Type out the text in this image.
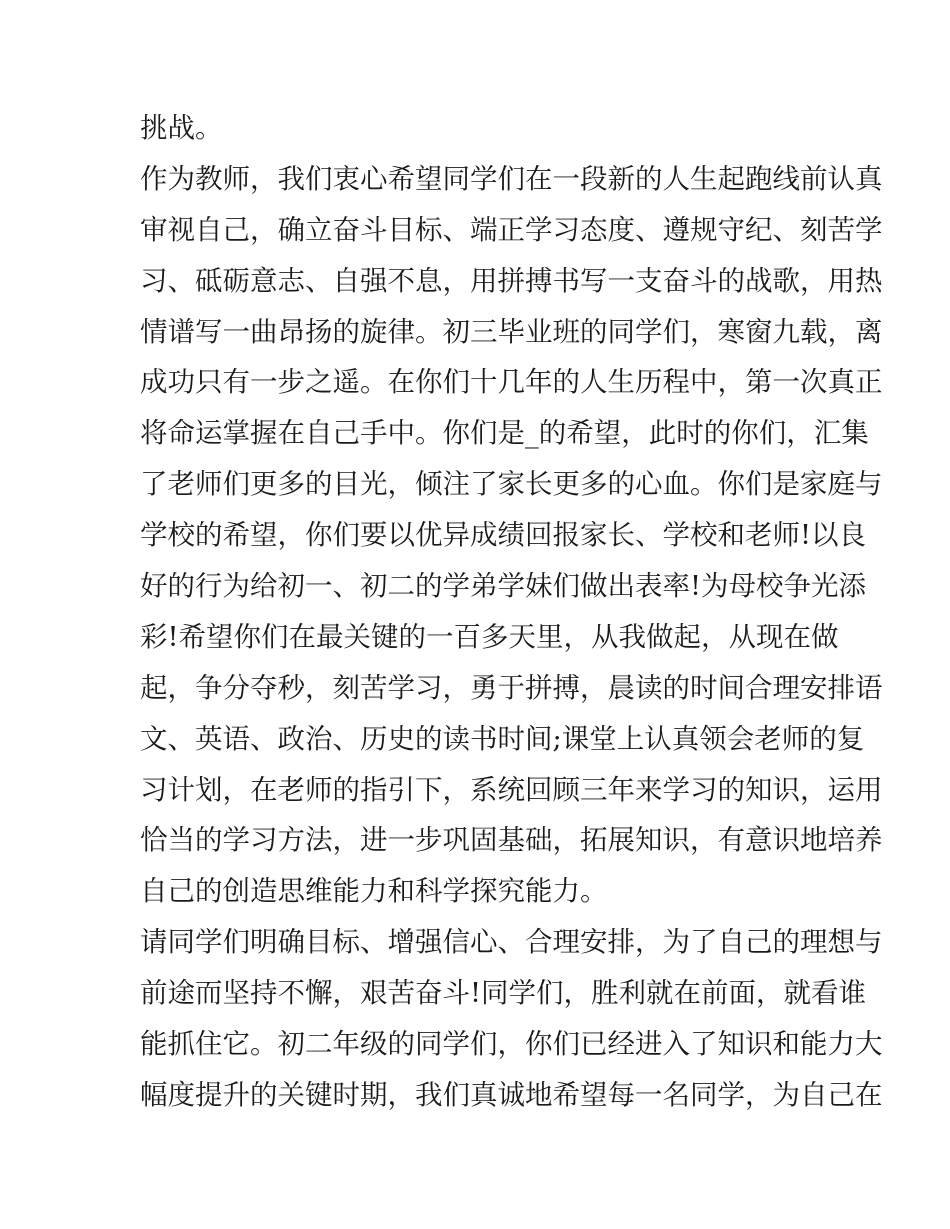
挑战。
作为教师，我们衷心希望同学们在一段新的人生起跑线前认真
审视自己，确立奋斗目标、端正学习态度、遵规守纪、刻苦学
习、砥砺意志、自强不息，用拼搏书写一支奋斗的战歌，用热
情谱写一曲昂扬的旋律。初三毕业班的同学们，寒窗九载，离
成功只有一步之遥。在你们十几年的人生历程中，第一次真正
将命运掌握在自己手中。你们是_的希望，此时的你们，汇集
了老师们更多的目光，倾注了家长更多的心血。你们是家庭与
学校的希望，你们要以优异成绩回报家长、学校和老师!以良
好的行为给初一、初二的学弟学妹们做出表率!为母校争光添
彩!希望你们在最关键的一百多天里，从我做起，从现在做
起，争分夺秒，刻苦学习，勇于拼搏，晨读的时间合理安排语
文、英语、政治、历史的读书时间;课堂上认真领会老师的复
习计划，在老师的指引下，系统回顾三年来学习的知识，运用
恰当的学习方法，进一步巩固基础，拓展知识，有意识地培养
自己的创造思维能力和科学探究能力。
请同学们明确目标、增强信心、合理安排，为了自己的理想与
前途而坚持不懈，艰苦奋斗!同学们，胜利就在前面，就看谁
能抓住它。初二年级的同学们，你们已经进入了知识和能力大
幅度提升的关键时期，我们真诚地希望每一名同学，为自己在
